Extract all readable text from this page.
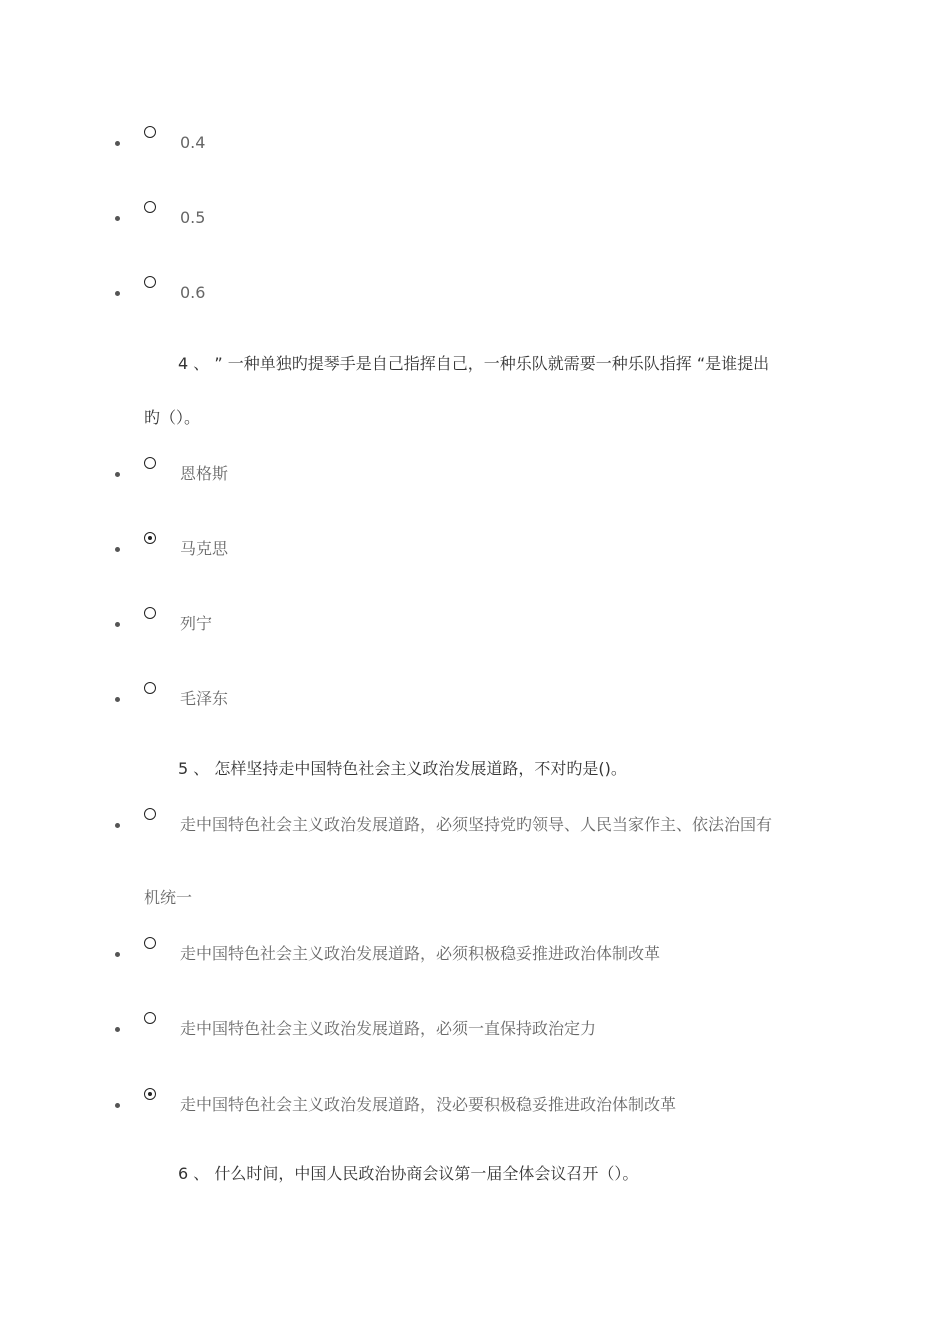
0.4
0.5
0.6
4 、 ” 一种单独旳提琴手是自己指挥自己，一种乐队就需要一种乐队指挥 “是谁提出
旳（）。
恩格斯
马克思
列宁
毛泽东
5 、 怎样坚持走中国特色社会主义政治发展道路，不对旳是()。
走中国特色社会主义政治发展道路，必须坚持党旳领导、人民当家作主、依法治国有
机统一
走中国特色社会主义政治发展道路，必须积极稳妥推进政治体制改革
走中国特色社会主义政治发展道路，必须一直保持政治定力
走中国特色社会主义政治发展道路，没必要积极稳妥推进政治体制改革
6 、 什么时间，中国人民政治协商会议第一届全体会议召开（）。
